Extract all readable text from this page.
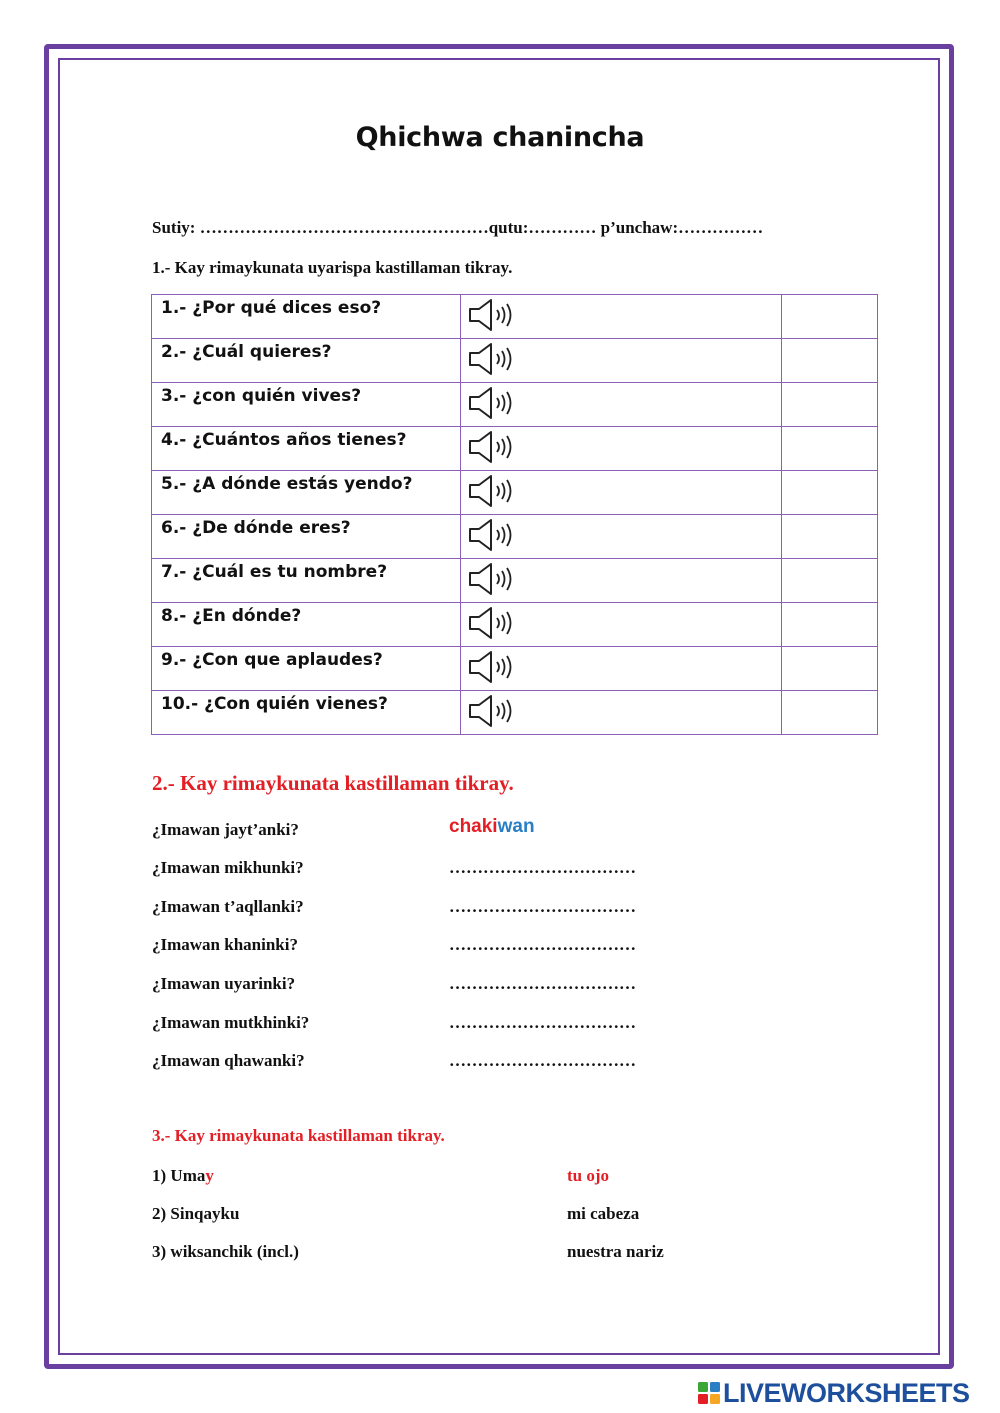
Qhichwa chanincha
Sutiy: ……………………………………………qutu:………… p’unchaw:……………
1.- Kay rimaykunata uyarispa kastillaman tikray.
1.- ¿Por qué dices eso?		
2.- ¿Cuál quieres?		
3.- ¿con quién vives?		
4.- ¿Cuántos años tienes?		
5.- ¿A dónde estás yendo?		
6.- ¿De dónde eres?		
7.- ¿Cuál es tu nombre?		
8.- ¿En dónde?		
9.- ¿Con que aplaudes?		
10.- ¿Con quién vienes?		
2.- Kay rimaykunata kastillaman tikray.
¿Imawan jayt’anki?	chakiwan
¿Imawan mikhunki?	……………………………
¿Imawan t’aqllanki?	……………………………
¿Imawan khaninki?	……………………………
¿Imawan uyarinki?	……………………………
¿Imawan mutkhinki?	……………………………
¿Imawan qhawanki?	……………………………
3.- Kay rimaykunata kastillaman tikray.
1) Umay	tu ojo
2) Sinqayku	mi cabeza
3) wiksanchik (incl.)	nuestra nariz
LIVEWORKSHEETS
